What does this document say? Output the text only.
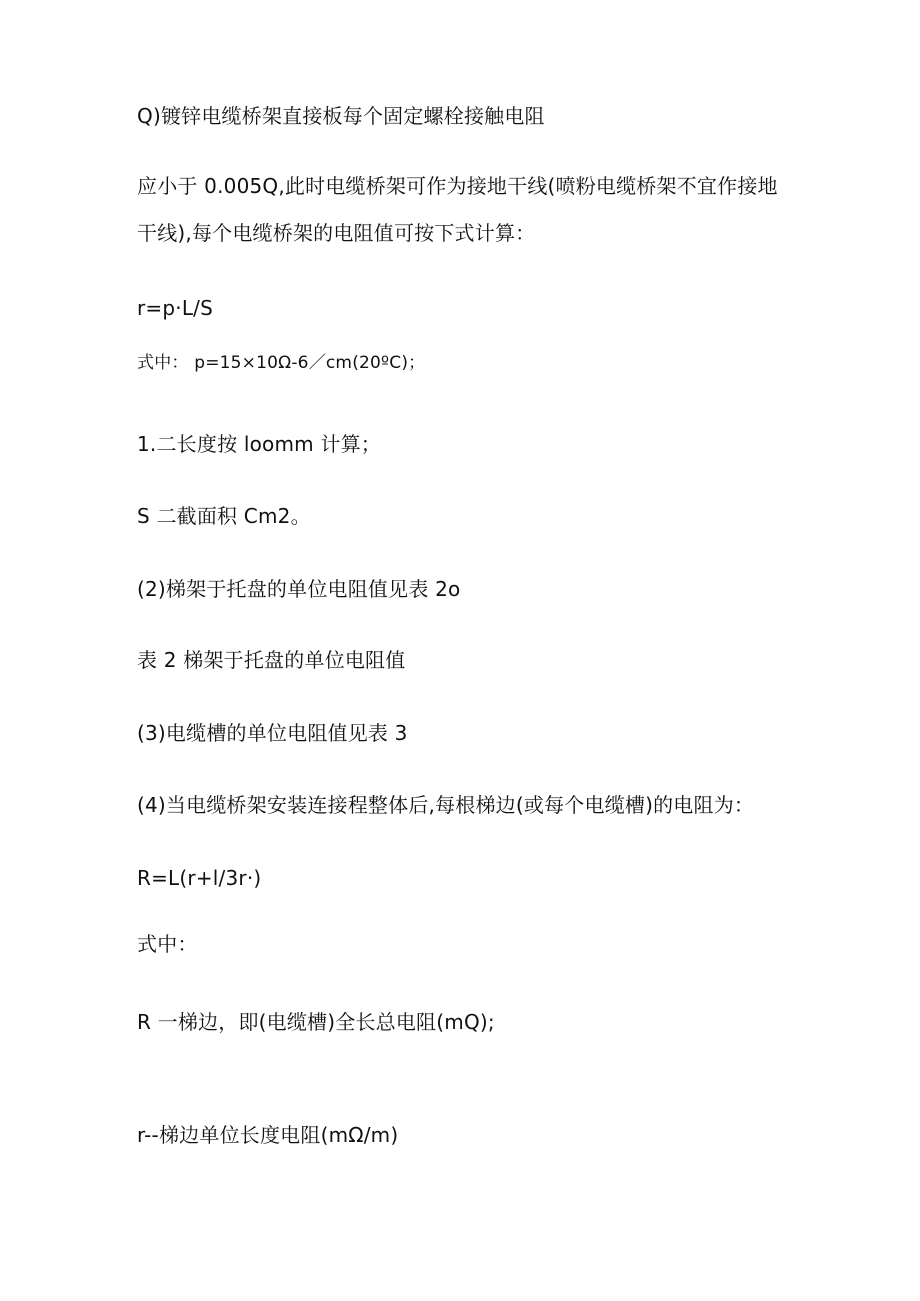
Q)镀锌电缆桥架直接板每个固定螺栓接触电阻

应小于 0.005Q,此时电缆桥架可作为接地干线(喷粉电缆桥架不宜作接地

干线),每个电缆桥架的电阻值可按下式计算：

r=p·L/S

式中： p=15×10Ω-6／cm(20ºC)；

1.二长度按 loomm 计算；

S 二截面积 Cm2。

(2)梯架于托盘的单位电阻值见表 2o

表 2 梯架于托盘的单位电阻值

(3)电缆槽的单位电阻值见表 3

(4)当电缆桥架安装连接程整体后,每根梯边(或每个电缆槽)的电阻为：

R=L(r+l/3r·)

式中：

R 一梯边，即(电缆槽)全长总电阻(mQ);

r--梯边单位长度电阻(mΩ/m)
